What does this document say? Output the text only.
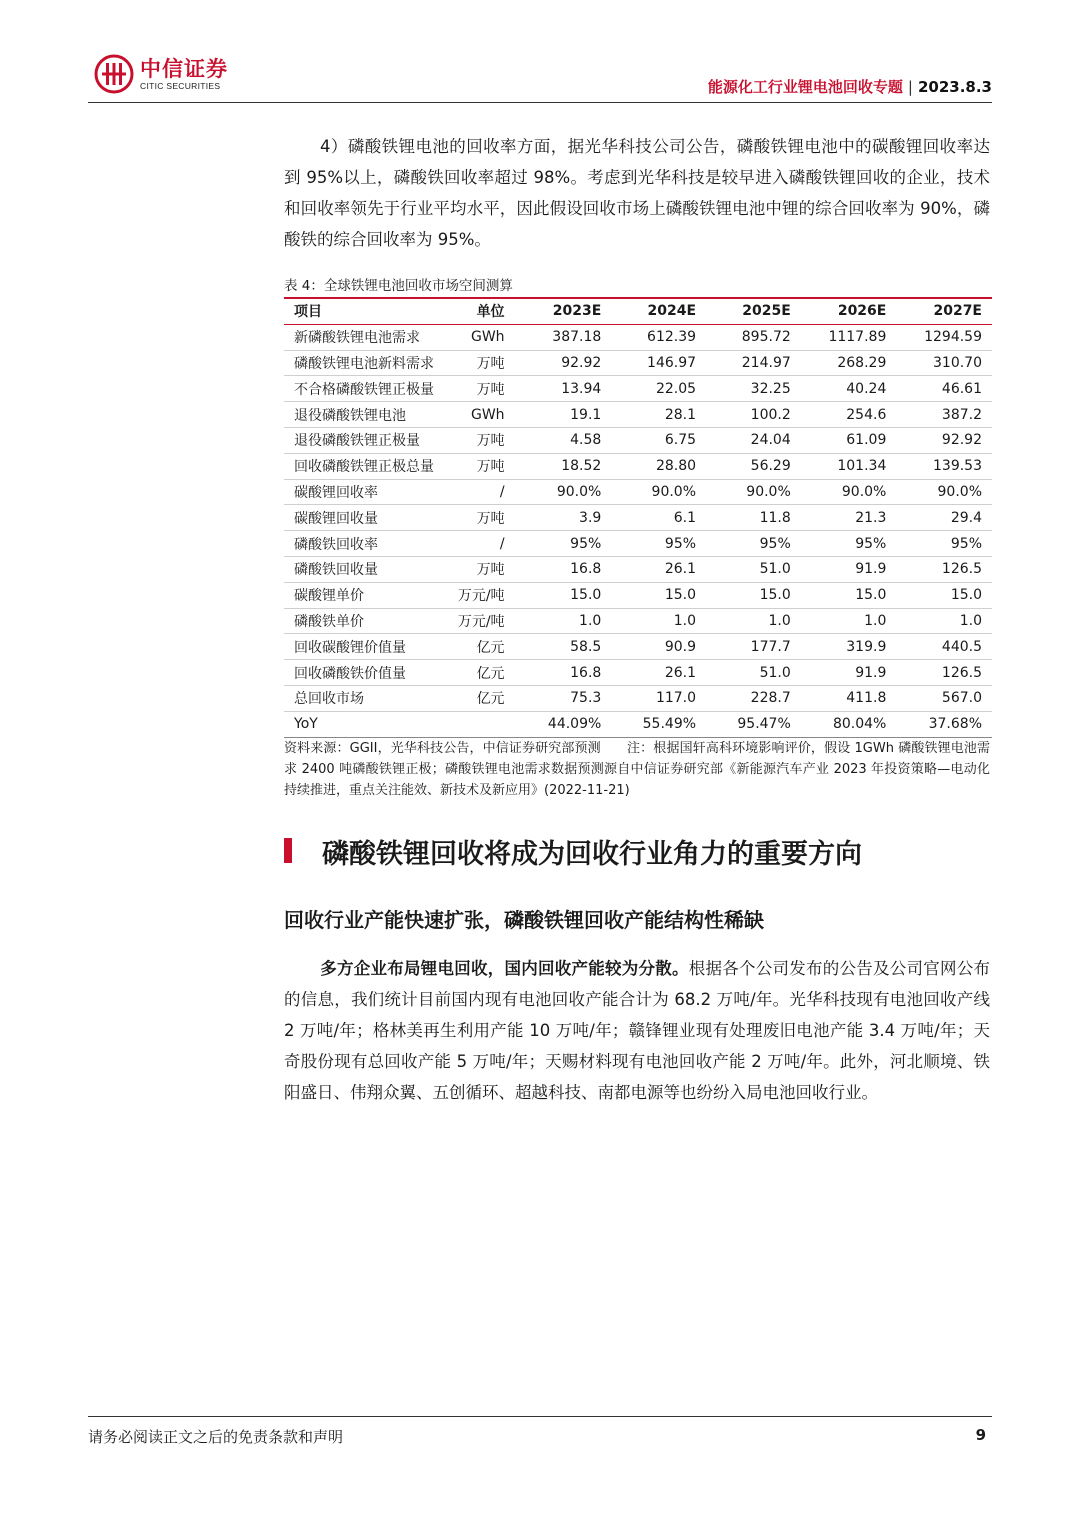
中信证券
CITIC SECURITIES	能源化工行业锂电池回收专题 | 2023.8.3
4）磷酸铁锂电池的回收率方面，据光华科技公司公告，磷酸铁锂电池中的碳酸锂回收率达到 95%以上，磷酸铁回收率超过 98%。考虑到光华科技是较早进入磷酸铁锂回收的企业，技术和回收率领先于行业平均水平，因此假设回收市场上磷酸铁锂电池中锂的综合回收率为 90%，磷酸铁的综合回收率为 95%。
表 4：全球铁锂电池回收市场空间测算
项目	单位	2023E	2024E	2025E	2026E	2027E
新磷酸铁锂电池需求	GWh	387.18	612.39	895.72	1117.89	1294.59
磷酸铁锂电池新料需求	万吨	92.92	146.97	214.97	268.29	310.70
不合格磷酸铁锂正极量	万吨	13.94	22.05	32.25	40.24	46.61
退役磷酸铁锂电池	GWh	19.1	28.1	100.2	254.6	387.2
退役磷酸铁锂正极量	万吨	4.58	6.75	24.04	61.09	92.92
回收磷酸铁锂正极总量	万吨	18.52	28.80	56.29	101.34	139.53
碳酸锂回收率	/	90.0%	90.0%	90.0%	90.0%	90.0%
碳酸锂回收量	万吨	3.9	6.1	11.8	21.3	29.4
磷酸铁回收率	/	95%	95%	95%	95%	95%
磷酸铁回收量	万吨	16.8	26.1	51.0	91.9	126.5
碳酸锂单价	万元/吨	15.0	15.0	15.0	15.0	15.0
磷酸铁单价	万元/吨	1.0	1.0	1.0	1.0	1.0
回收碳酸锂价值量	亿元	58.5	90.9	177.7	319.9	440.5
回收磷酸铁价值量	亿元	16.8	26.1	51.0	91.9	126.5
总回收市场	亿元	75.3	117.0	228.7	411.8	567.0
YoY		44.09%	55.49%	95.47%	80.04%	37.68%
资料来源：GGII，光华科技公告，中信证券研究部预测　　注：根据国轩高科环境影响评价，假设 1GWh 磷酸铁锂电池需求 2400 吨磷酸铁锂正极；磷酸铁锂电池需求数据预测源自中信证券研究部《新能源汽车产业 2023 年投资策略—电动化持续推进，重点关注能效、新技术及新应用》(2022-11-21)
磷酸铁锂回收将成为回收行业角力的重要方向
回收行业产能快速扩张，磷酸铁锂回收产能结构性稀缺
多方企业布局锂电回收，国内回收产能较为分散。根据各个公司发布的公告及公司官网公布的信息，我们统计目前国内现有电池回收产能合计为 68.2 万吨/年。光华科技现有电池回收产线 2 万吨/年；格林美再生利用产能 10 万吨/年；赣锋锂业现有处理废旧电池产能 3.4 万吨/年；天奇股份现有总回收产能 5 万吨/年；天赐材料现有电池回收产能 2 万吨/年。此外，河北顺境、铁阳盛日、伟翔众翼、五创循环、超越科技、南都电源等也纷纷入局电池回收行业。
请务必阅读正文之后的免责条款和声明	9
